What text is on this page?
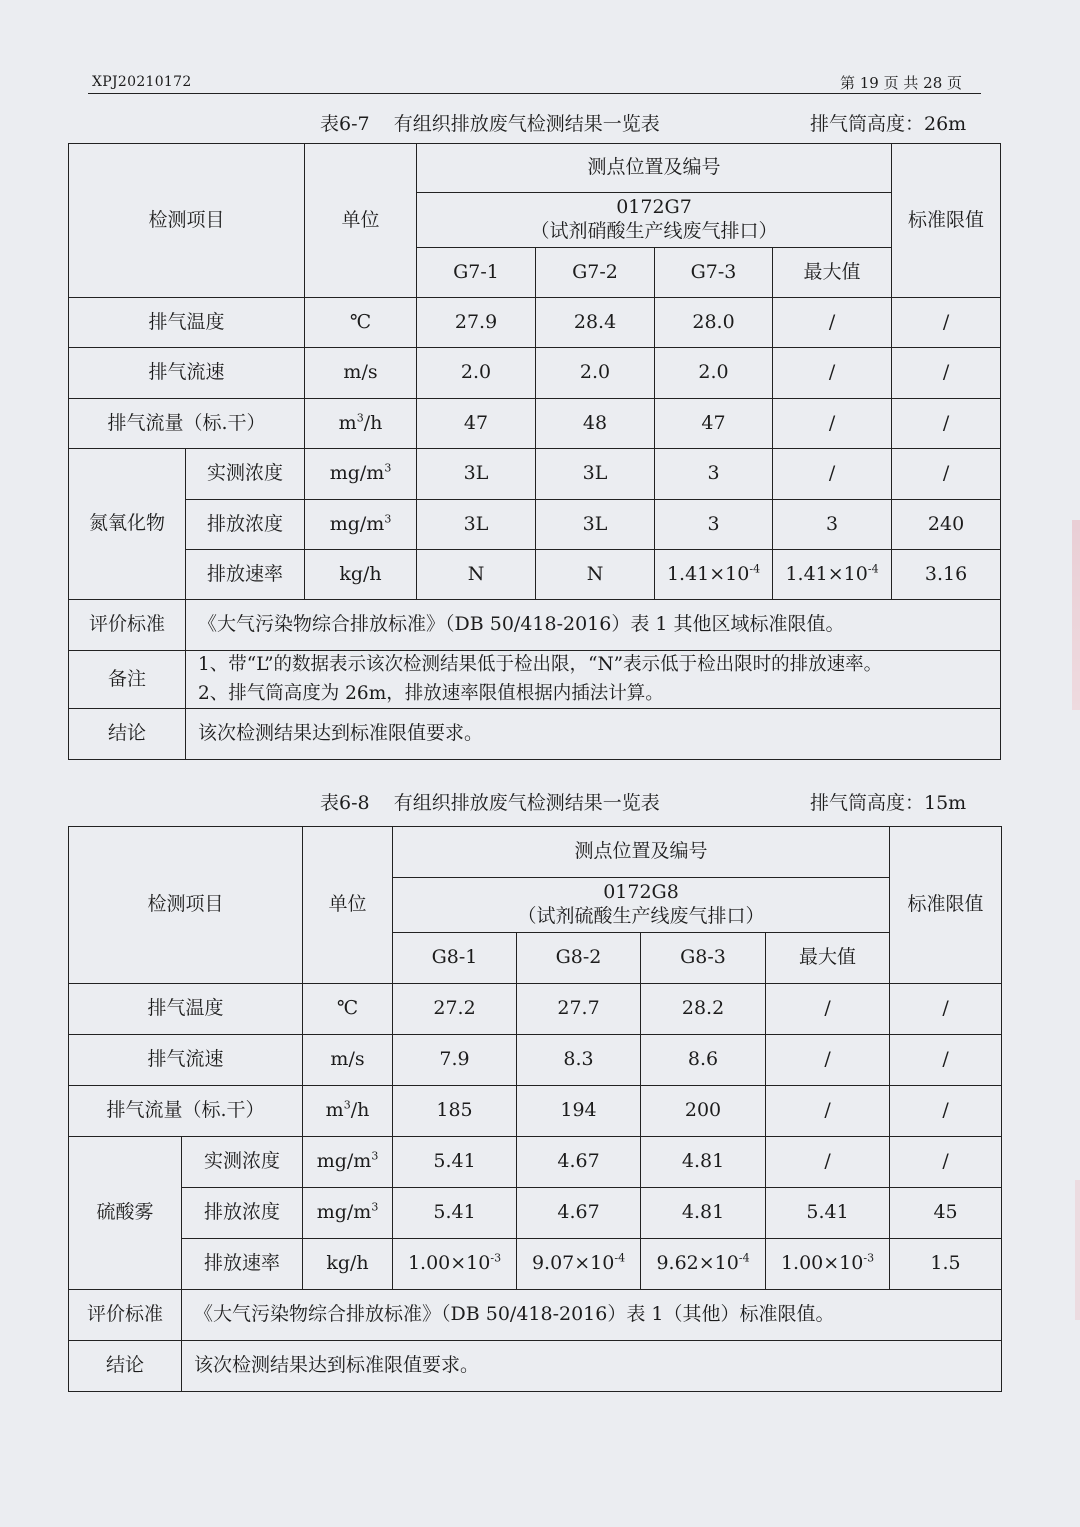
XPJ20210172	第 19 页 共 28 页
表6-7    有组织排放废气检测结果一览表	排气筒高度：26m
检测项目		单位	测点位置及编号				标准限值

			0172G7
（试剂硝酸生产线废气排口）				

			G7-1	G7-2	G7-3	最大值	
排气温度		℃	27.9	28.4	28.0	/	/
排气流速		m/s	2.0	2.0	2.0	/	/
排气流量（标.干）		$m^3/h$	47	48	47	/	/
氮氧化物	实测浓度	$mg/m^3$	3L	3L	3	/	/
	排放浓度	$mg/m^3$	3L	3L	3	3	240
	排放速率	kg/h	N	N	$1.41\times 10^{-4}$	$1.41\times 10^{-4}$	3.16
评价标准	《大气污染物综合排放标准》（DB 50/418-2016）表 1 其他区域标准限值。						
备注	1、带“L”的数据表示该次检测结果低于检出限，“N”表示低于检出限时的排放速率。
2、排气筒高度为 26m，排放速率限值根据内插法计算。						

结论	该次检测结果达到标准限值要求。						
表6-8    有组织排放废气检测结果一览表	排气筒高度：15m
检测项目		单位	测点位置及编号				标准限值

			0172G8
（试剂硫酸生产线废气排口）				

			G8-1	G8-2	G8-3	最大值	
排气温度		℃	27.2	27.7	28.2	/	/
排气流速		m/s	7.9	8.3	8.6	/	/
排气流量（标.干）		$m^3/h$	185	194	200	/	/
硫酸雾	实测浓度	$mg/m^3$	5.41	4.67	4.81	/	/
	排放浓度	$mg/m^3$	5.41	4.67	4.81	5.41	45
	排放速率	kg/h	$1.00\times 10^{-3}$	$9.07\times 10^{-4}$	$9.62\times 10^{-4}$	$1.00\times 10^{-3}$	1.5
评价标准	《大气污染物综合排放标准》（DB 50/418-2016）表 1（其他）标准限值。						
结论	该次检测结果达到标准限值要求。						
